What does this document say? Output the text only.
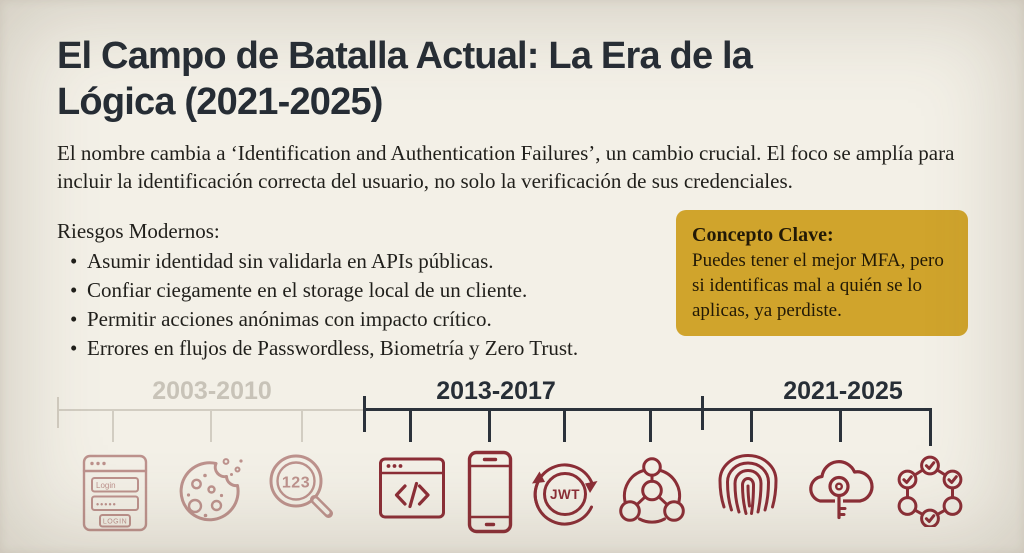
El Campo de Batalla Actual: La Era de la
Lógica (2021-2025)

El nombre cambia a ‘Identification and Authentication Failures’, un cambio crucial. El foco se amplía para incluir la identificación correcta del usuario, no solo la verificación de sus credenciales.

Riesgos Modernos:
• Asumir identidad sin validarla en APIs públicas.
• Confiar ciegamente en el storage local de un cliente.
• Permitir acciones anónimas con impacto crítico.
• Errores en flujos de Passwordless, Biometría y Zero Trust.
Concepto Clave:
Puedes tener el mejor MFA, pero si identificas mal a quién se lo aplicas, ya perdiste.
2003-2010	2013-2017	2021-2025
Login
•••••
LOGIN
123
JWT
